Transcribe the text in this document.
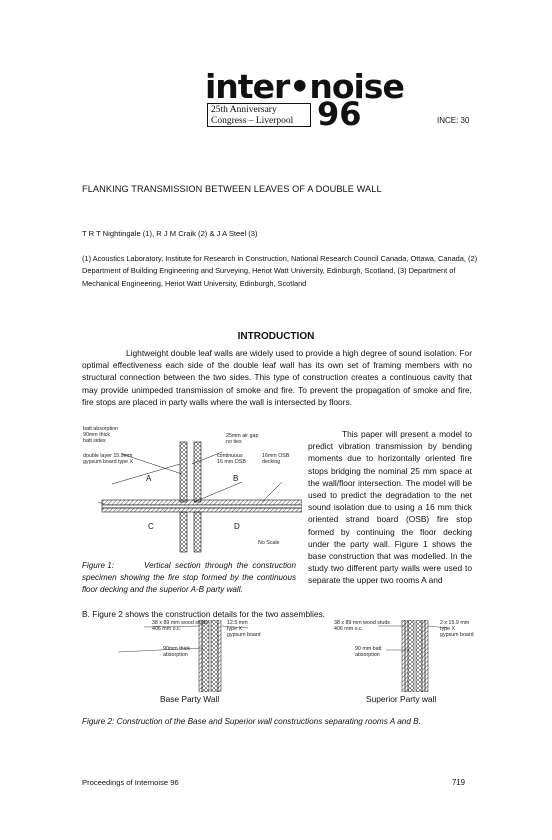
inter•noise
25th Anniversary
Congress – Liverpool 96	INCE: 30
FLANKING TRANSMISSION BETWEEN LEAVES OF A DOUBLE WALL
T R T Nightingale (1), R J M Craik (2) & J A Steel (3)
(1) Acoustics Laboratory, Institute for Research in Construction, National Research Council Canada, Ottawa, Canada, (2) Department of Building Engineering and Surveying, Heriot Watt University, Edinburgh, Scotland, (3) Department of Mechanical Engineering, Heriot Watt University, Edinburgh, Scotland
INTRODUCTION
Lightweight double leaf walls are widely used to provide a high degree of sound isolation. For optimal effectiveness each side of the double leaf wall has its own set of framing members with no structural connection between the two sides. This type of construction creates a continuous cavity that may provide unimpeded transmission of smoke and fire. To prevent the propagation of smoke and fire, fire stops are placed in party walls where the wall is intersected by floors.
batt absorption
90mm thick
batt sides
double layer 15.9mm
gypsum board type X
25mm air gap
no ties
continuous
16 mm OSB
16mm OSB
decking
A	B
C	D
No Scale
This paper will present a model to predict vibration transmission by bending moments due to horizontally oriented fire stops bridging the nominal 25 mm space at the wall/floor intersection. The model will be used to predict the degradation to the net sound isolation due to using a 16 mm thick oriented strand board (OSB) fire stop formed by continuing the floor decking under the party wall. Figure 1 shows the base construction that was modelled. In the study two different party walls were used to separate the upper two rooms A and
Figure 1:	Vertical section through the construction specimen showing the fire stop formed by the continuous floor decking and the superior A-B party wall.
B. Figure 2 shows the construction details for the two assemblies.
38 x 89 mm wood studs
406 mm o.c.
12.5 mm
type X
gypsum board
90mm thick
absorption
38 x 89 mm wood studs
406 mm o.c.
2 x 15.9 mm
type X
gypsum board
90 mm batt
absorption
Base Party Wall	Superior Party wall
Figure 2: Construction of the Base and Superior wall constructions separating rooms A and B.
Proceedings of Internoise 96	719
